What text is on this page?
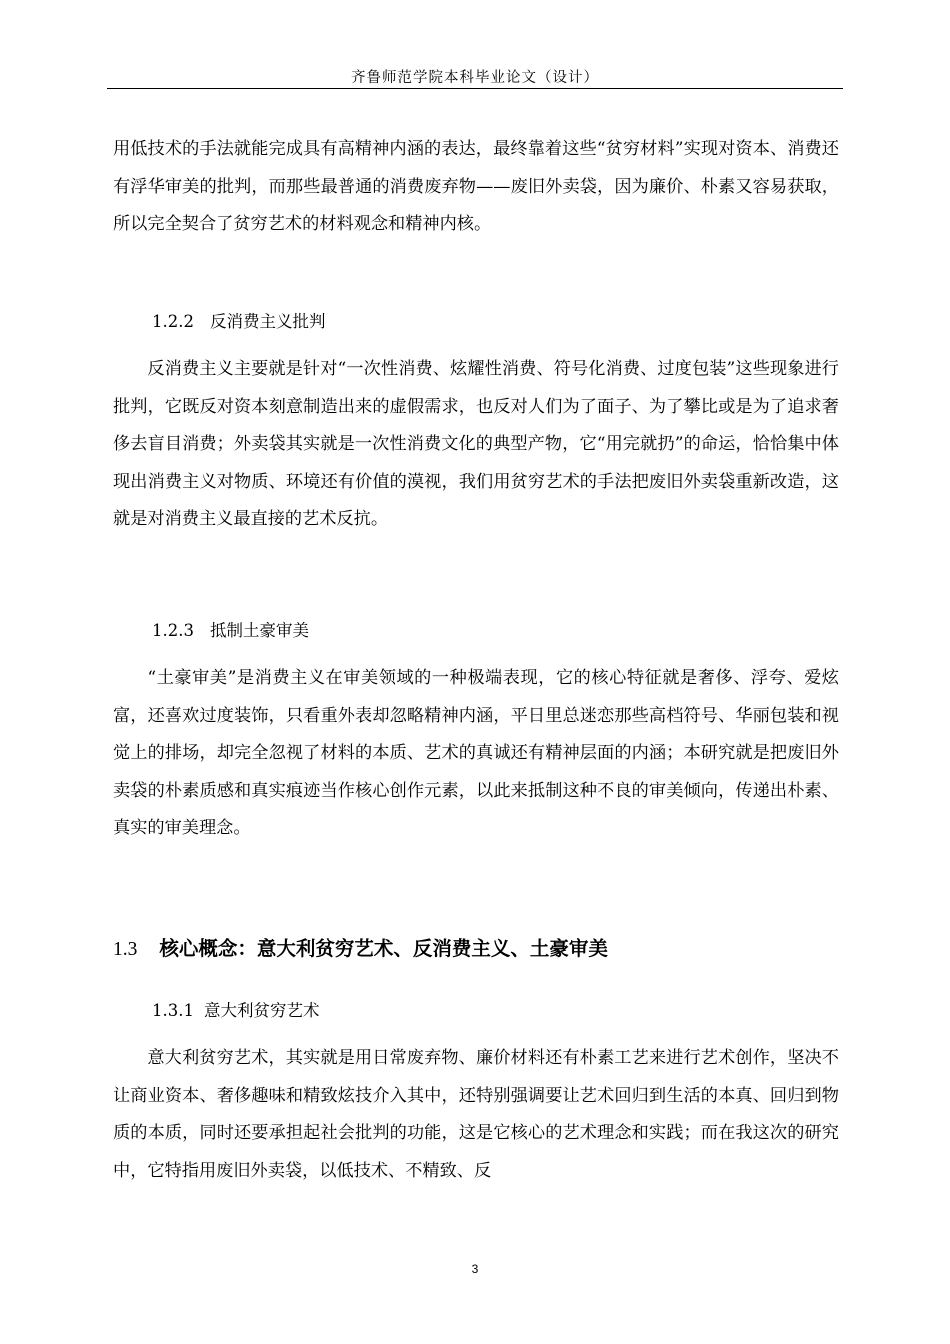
齐鲁师范学院本科毕业论文（设计）

用低技术的手法就能完成具有高精神内涵的表达，最终靠着这些“贫穷材料”实现对资本、消费还有浮华审美的批判，而那些最普通的消费废弃物——废旧外卖袋，因为廉价、朴素又容易获取，所以完全契合了贫穷艺术的材料观念和精神内核。

1.2.2 反消费主义批判

反消费主义主要就是针对“一次性消费、炫耀性消费、符号化消费、过度包装”这些现象进行批判，它既反对资本刻意制造出来的虚假需求，也反对人们为了面子、为了攀比或是为了追求奢侈去盲目消费；外卖袋其实就是一次性消费文化的典型产物，它“用完就扔”的命运，恰恰集中体现出消费主义对物质、环境还有价值的漠视，我们用贫穷艺术的手法把废旧外卖袋重新改造，这就是对消费主义最直接的艺术反抗。

1.2.3 抵制土豪审美

“土豪审美”是消费主义在审美领域的一种极端表现，它的核心特征就是奢侈、浮夸、爱炫富，还喜欢过度装饰，只看重外表却忽略精神内涵，平日里总迷恋那些高档符号、华丽包装和视觉上的排场，却完全忽视了材料的本质、艺术的真诚还有精神层面的内涵；本研究就是把废旧外卖袋的朴素质感和真实痕迹当作核心创作元素，以此来抵制这种不良的审美倾向，传递出朴素、真实的审美理念。

1.3 核心概念：意大利贫穷艺术、反消费主义、土豪审美
1.3.1 意大利贫穷艺术

意大利贫穷艺术，其实就是用日常废弃物、廉价材料还有朴素工艺来进行艺术创作，坚决不让商业资本、奢侈趣味和精致炫技介入其中，还特别强调要让艺术回归到生活的本真、回归到物质的本质，同时还要承担起社会批判的功能，这是它核心的艺术理念和实践；而在我这次的研究中，它特指用废旧外卖袋，以低技术、不精致、反

3
